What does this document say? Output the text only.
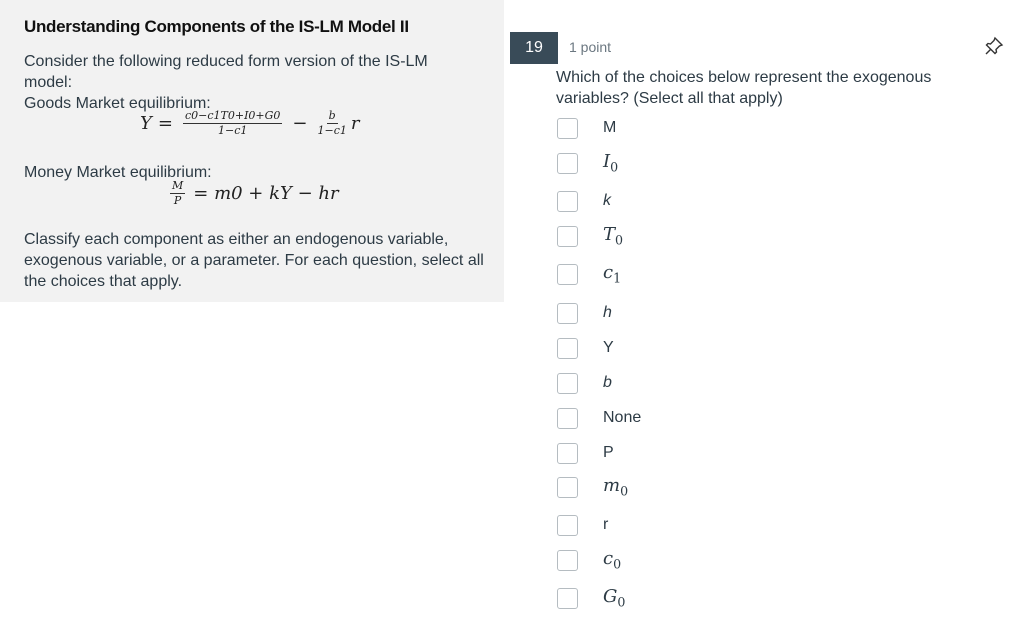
Understanding Components of the IS-LM Model II
Consider the following reduced form version of the IS-LM model:
Goods Market equilibrium:
$Y = \frac{c0-c1T0+I0+G0}{1-c1} - \frac{b}{1-c1}$ r
Money Market equilibrium:
$\frac{M}{P} = m0$ + kY − hr
Classify each component as either an endogenous variable, exogenous variable, or a parameter. For each question, select all the choices that apply.
19	1 point
Which of the choices below represent the exogenous variables? (Select all that apply)
M
$I_0$
k
$T_0$
$c_1$
h
Y
b
None
P
$m_0$
r
$c_0$
$G_0$
